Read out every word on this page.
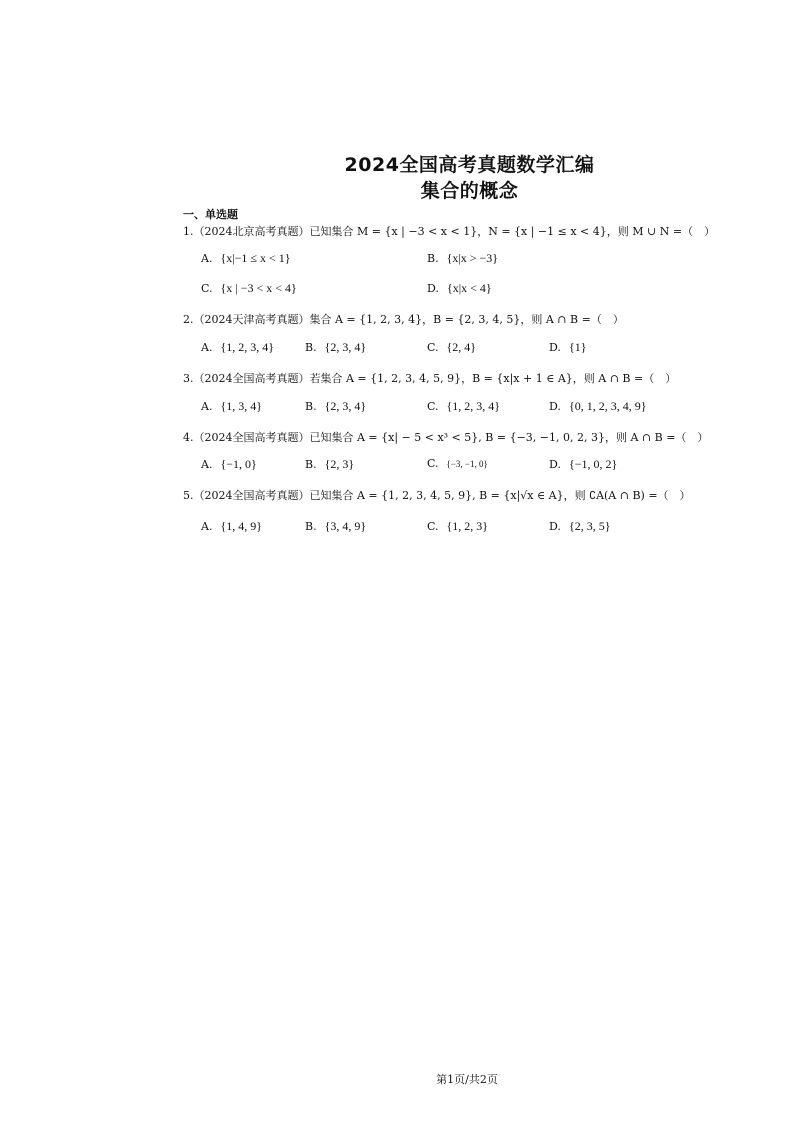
2024全国高考真题数学汇编
集合的概念
一、单选题
1.（2024北京高考真题）已知集合 M = {x | −3 < x < 1}，N = {x | −1 ≤ x < 4}，则 M ∪ N =（　）
A. {x|−1 ≤ x < 1}	B. {x|x > −3}
C. {x | −3 < x < 4}	D. {x|x < 4}
2.（2024天津高考真题）集合 A = {1, 2, 3, 4}，B = {2, 3, 4, 5}，则 A ∩ B =（　）
A. {1, 2, 3, 4}	B. {2, 3, 4}	C. {2, 4}	D. {1}
3.（2024全国高考真题）若集合 A = {1, 2, 3, 4, 5, 9}，B = {x|x + 1 ∈ A}，则 A ∩ B =（　）
A. {1, 3, 4}	B. {2, 3, 4}	C. {1, 2, 3, 4}	D. {0, 1, 2, 3, 4, 9}
4.（2024全国高考真题）已知集合 A = {x| − 5 < x³ < 5}, B = {−3, −1, 0, 2, 3}，则 A ∩ B =（　）
A. {−1, 0}	B. {2, 3}	C. {−3, −1, 0}	D. {−1, 0, 2}
5.（2024全国高考真题）已知集合 A = {1, 2, 3, 4, 5, 9}, B = {x|√x ∈ A}，则 ∁A(A ∩ B) =（　）
A. {1, 4, 9}	B. {3, 4, 9}	C. {1, 2, 3}	D. {2, 3, 5}
第1页/共2页
